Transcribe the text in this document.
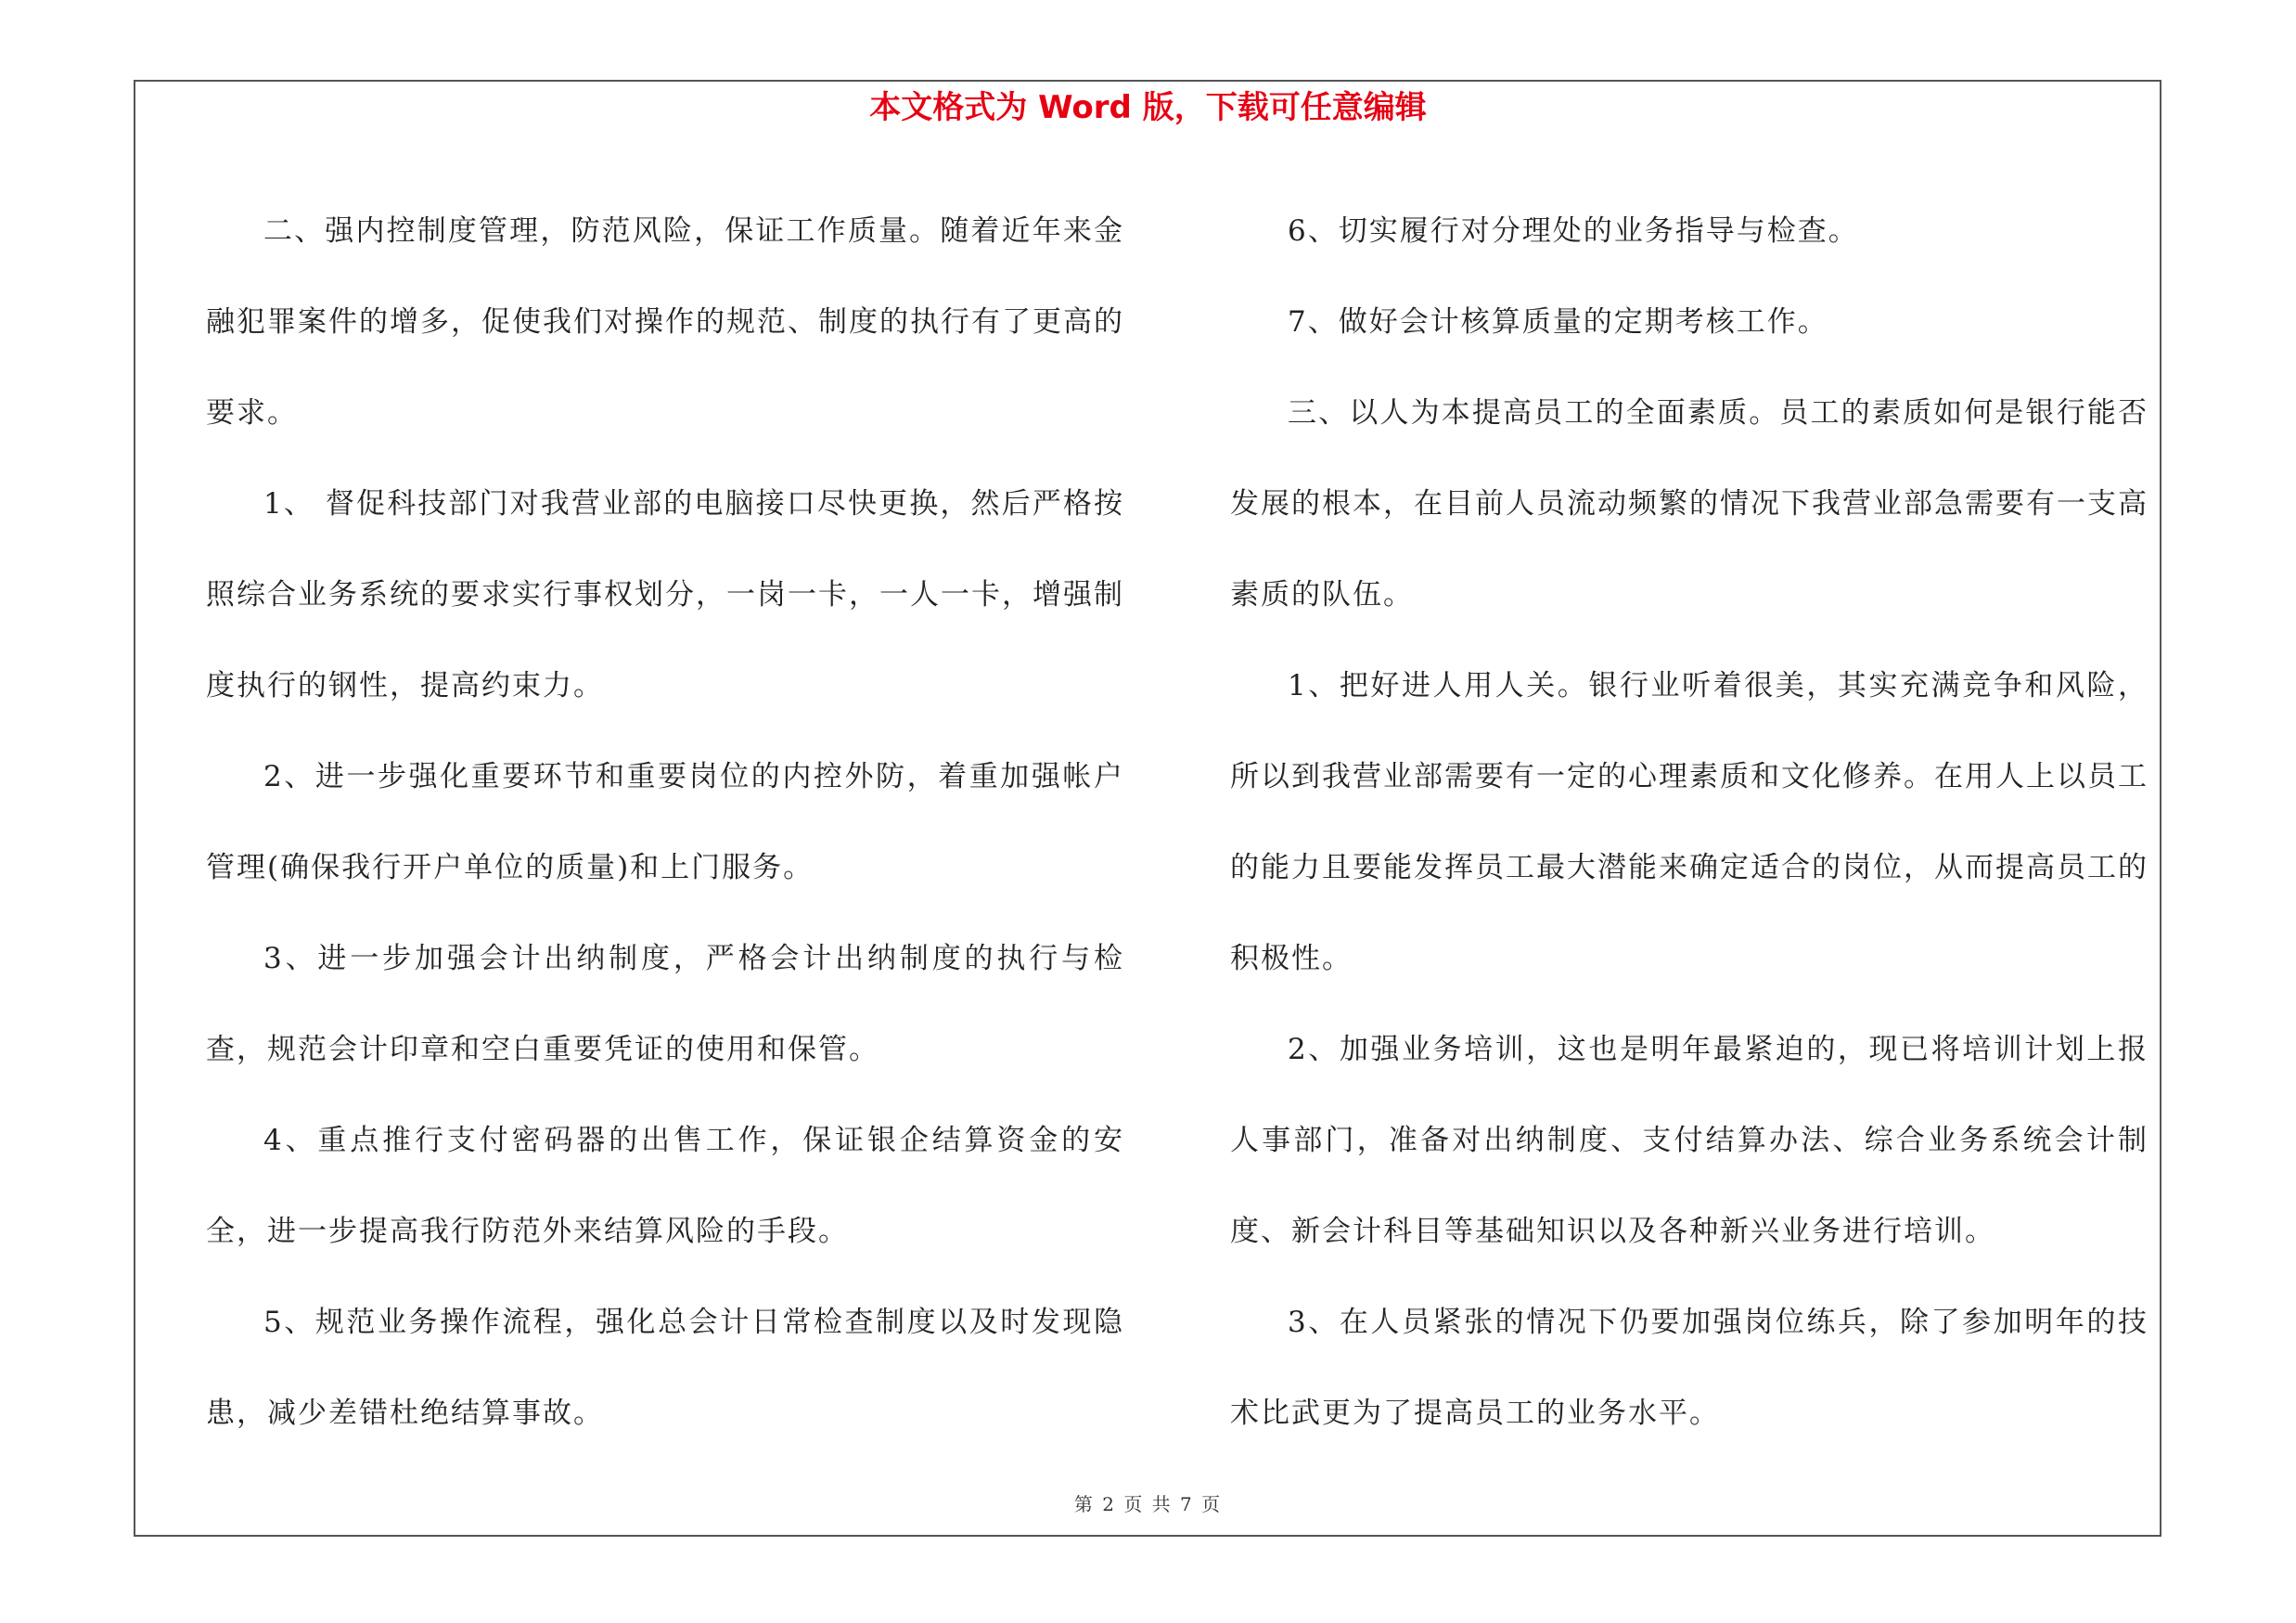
本文格式为 Word 版，下载可任意编辑

二、强内控制度管理，防范风险，保证工作质量。随着近年来金融犯罪案件的增多，促使我们对操作的规范、制度的执行有了更高的要求。

1、 督促科技部门对我营业部的电脑接口尽快更换，然后严格按照综合业务系统的要求实行事权划分，一岗一卡，一人一卡，增强制度执行的钢性，提高约束力。

2、进一步强化重要环节和重要岗位的内控外防，着重加强帐户管理(确保我行开户单位的质量)和上门服务。

3、进一步加强会计出纳制度，严格会计出纳制度的执行与检查，规范会计印章和空白重要凭证的使用和保管。

4、重点推行支付密码器的出售工作，保证银企结算资金的安全，进一步提高我行防范外来结算风险的手段。

5、规范业务操作流程，强化总会计日常检查制度以及时发现隐患，减少差错杜绝结算事故。

6、切实履行对分理处的业务指导与检查。

7、做好会计核算质量的定期考核工作。

三、以人为本提高员工的全面素质。员工的素质如何是银行能否发展的根本，在目前人员流动频繁的情况下我营业部急需要有一支高素质的队伍。

1、把好进人用人关。银行业听着很美，其实充满竞争和风险，所以到我营业部需要有一定的心理素质和文化修养。在用人上以员工的能力且要能发挥员工最大潜能来确定适合的岗位，从而提高员工的积极性。

2、加强业务培训，这也是明年最紧迫的，现已将培训计划上报人事部门，准备对出纳制度、支付结算办法、综合业务系统会计制度、新会计科目等基础知识以及各种新兴业务进行培训。

3、在人员紧张的情况下仍要加强岗位练兵，除了参加明年的技术比武更为了提高员工的业务水平。

第 2 页 共 7 页
